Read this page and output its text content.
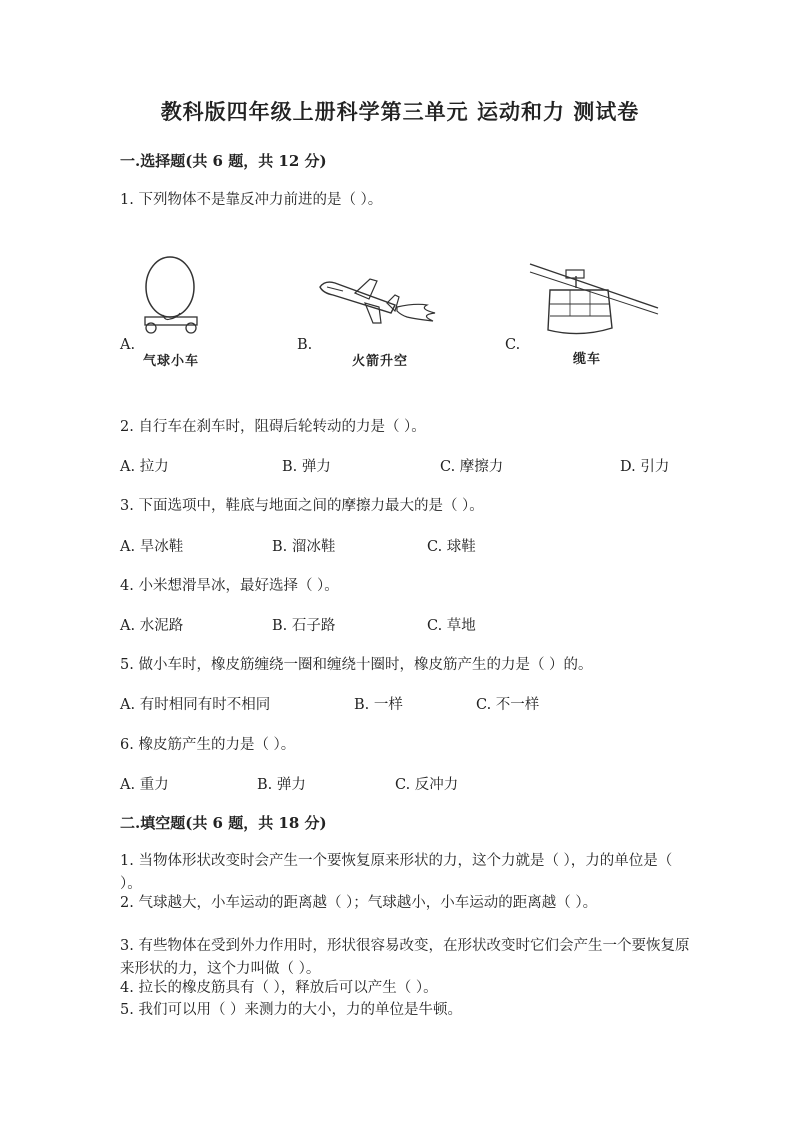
教科版四年级上册科学第三单元 运动和力 测试卷
一.选择题(共 6 题，共 12 分)
1. 下列物体不是靠反冲力前进的是（ ）。
A.
气球小车
B.
火箭升空
C.
缆车
2. 自行车在刹车时，阻碍后轮转动的力是（ ）。
A. 拉力	B. 弹力	C. 摩擦力	D. 引力
3. 下面选项中，鞋底与地面之间的摩擦力最大的是（ ）。
A. 旱冰鞋	B. 溜冰鞋	C. 球鞋
4. 小米想滑旱冰，最好选择（ ）。
A. 水泥路	B. 石子路	C. 草地
5. 做小车时，橡皮筋缠绕一圈和缠绕十圈时，橡皮筋产生的力是（ ）的。
A. 有时相同有时不相同	B. 一样	C. 不一样
6. 橡皮筋产生的力是（ ）。
A. 重力	B. 弹力	C. 反冲力
二.填空题(共 6 题，共 18 分)
1. 当物体形状改变时会产生一个要恢复原来形状的力，这个力就是（ ），力的单位是（ ）。
2. 气球越大，小车运动的距离越（ ）；气球越小，小车运动的距离越（ ）。
3. 有些物体在受到外力作用时，形状很容易改变，在形状改变时它们会产生一个要恢复原来形状的力，这个力叫做（ ）。
4. 拉长的橡皮筋具有（ ），释放后可以产生（ ）。
5. 我们可以用（ ）来测力的大小，力的单位是牛顿。
